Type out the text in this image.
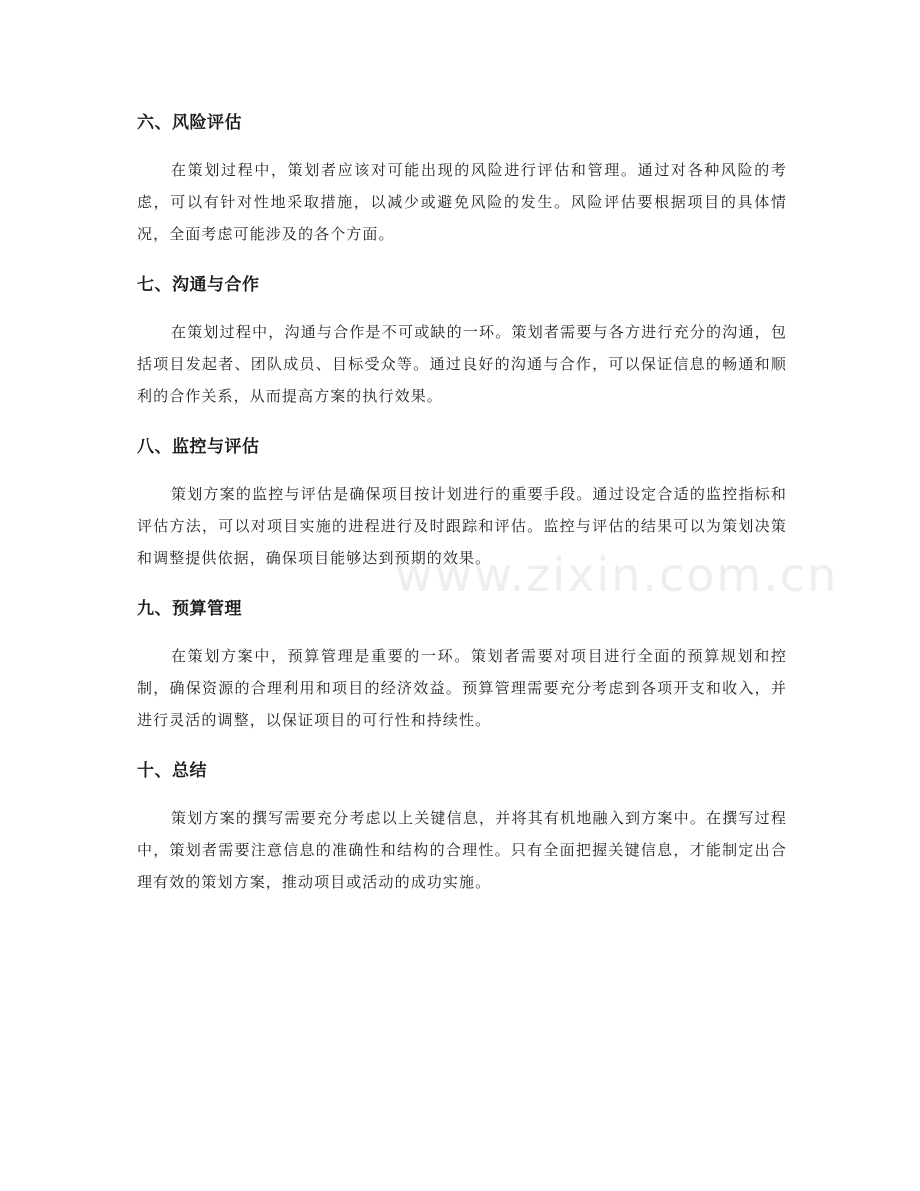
六、风险评估

在策划过程中，策划者应该对可能出现的风险进行评估和管理。通过对各种风险的考虑，可以有针对性地采取措施，以减少或避免风险的发生。风险评估要根据项目的具体情况，全面考虑可能涉及的各个方面。

七、沟通与合作

在策划过程中，沟通与合作是不可或缺的一环。策划者需要与各方进行充分的沟通，包括项目发起者、团队成员、目标受众等。通过良好的沟通与合作，可以保证信息的畅通和顺利的合作关系，从而提高方案的执行效果。

八、监控与评估

策划方案的监控与评估是确保项目按计划进行的重要手段。通过设定合适的监控指标和评估方法，可以对项目实施的进程进行及时跟踪和评估。监控与评估的结果可以为策划决策和调整提供依据，确保项目能够达到预期的效果。

九、预算管理

在策划方案中，预算管理是重要的一环。策划者需要对项目进行全面的预算规划和控制，确保资源的合理利用和项目的经济效益。预算管理需要充分考虑到各项开支和收入，并进行灵活的调整，以保证项目的可行性和持续性。

十、总结

策划方案的撰写需要充分考虑以上关键信息，并将其有机地融入到方案中。在撰写过程中，策划者需要注意信息的准确性和结构的合理性。只有全面把握关键信息，才能制定出合理有效的策划方案，推动项目或活动的成功实施。

www.zixin.com.cn
